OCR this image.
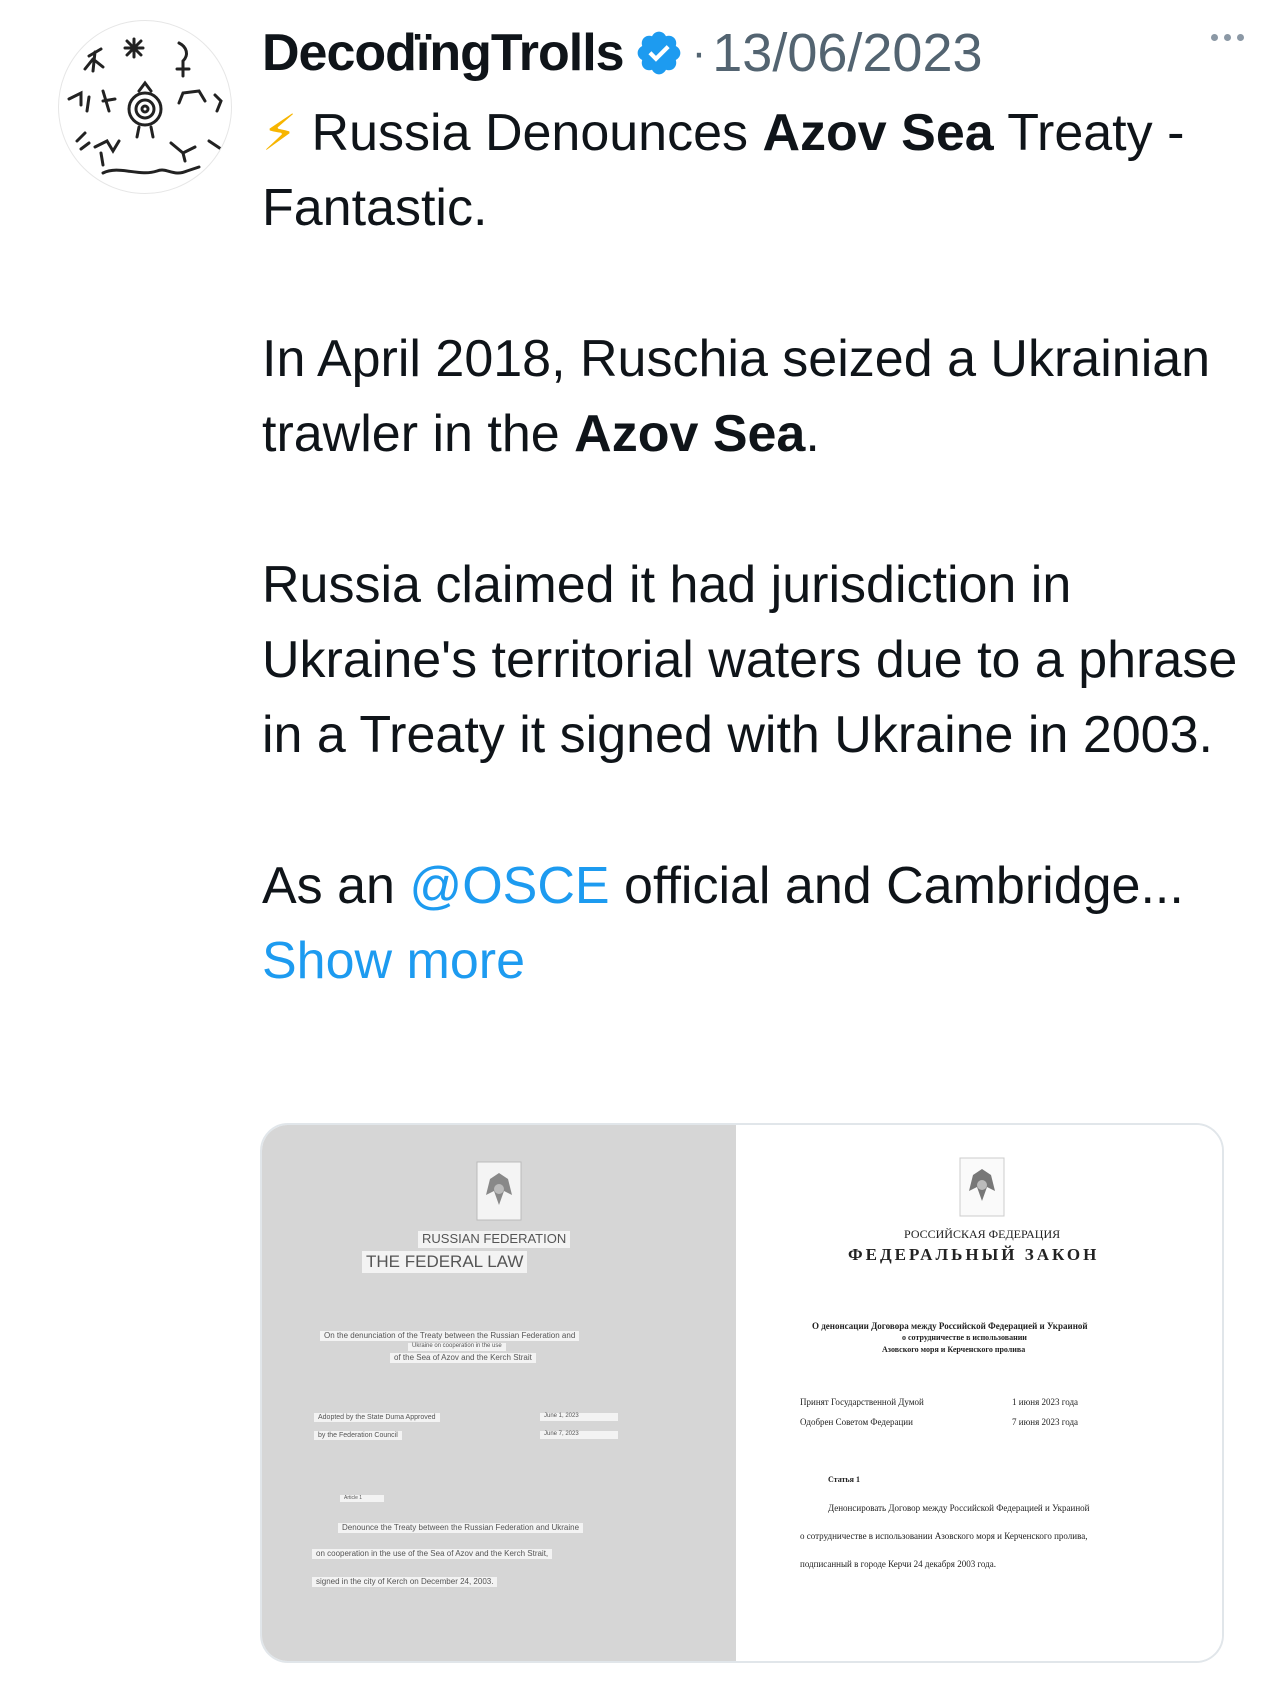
DecodïngTrolls · 13/06/2023

⚡ Russia Denounces Azov Sea Treaty - Fantastic.

In April 2018, Ruschia seized a Ukrainian trawler in the Azov Sea.

Russia claimed it had jurisdiction in Ukraine's territorial waters due to a phrase in a Treaty it signed with Ukraine in 2003.

As an @OSCE official and Cambridge... Show more

RUSSIAN FEDERATION
THE FEDERAL LAW
On the denunciation of the Treaty between the Russian Federation and
Ukraine on cooperation in the use
of the Sea of Azov and the Kerch Strait
Adopted by the State Duma Approved
by the Federation Council
June 1, 2023
June 7, 2023
Article 1
Denounce the Treaty between the Russian Federation and Ukraine
on cooperation in the use of the Sea of Azov and the Kerch Strait,
signed in the city of Kerch on December 24, 2003.
РОССИЙСКАЯ ФЕДЕРАЦИЯ
ФЕДЕРАЛЬНЫЙ ЗАКОН
О денонсации Договора между Российской Федерацией и Украиной
о сотрудничестве в использовании
Азовского моря и Керченского пролива
Принят Государственной Думой
Одобрен Советом Федерации
1 июня 2023 года
7 июня 2023 года
Статья 1
Денонсировать Договор между Российской Федерацией и Украиной
о сотрудничестве в использовании Азовского моря и Керченского пролива,
подписанный в городе Керчи 24 декабря 2003 года.
